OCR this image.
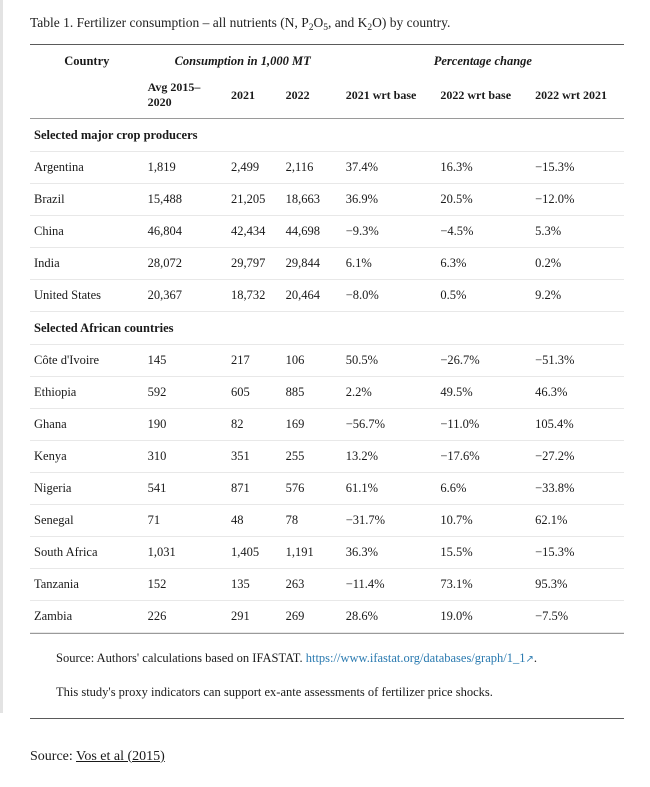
Table 1. Fertilizer consumption – all nutrients (N, $P_2O_5$, and $K_2O$) by country.
Country	Consumption in 1,000 MT			Percentage change		
	Avg 2015–2020	2021	2022	2021 wrt base	2022 wrt base	2022 wrt 2021
Selected major crop producers						
Argentina	1,819	2,499	2,116	37.4%	16.3%	−15.3%
Brazil	15,488	21,205	18,663	36.9%	20.5%	−12.0%
China	46,804	42,434	44,698	−9.3%	−4.5%	5.3%
India	28,072	29,797	29,844	6.1%	6.3%	0.2%
United States	20,367	18,732	20,464	−8.0%	0.5%	9.2%
Selected African countries						
Côte d'Ivoire	145	217	106	50.5%	−26.7%	−51.3%
Ethiopia	592	605	885	2.2%	49.5%	46.3%
Ghana	190	82	169	−56.7%	−11.0%	105.4%
Kenya	310	351	255	13.2%	−17.6%	−27.2%
Nigeria	541	871	576	61.1%	6.6%	−33.8%
Senegal	71	48	78	−31.7%	10.7%	62.1%
South Africa	1,031	1,405	1,191	36.3%	15.5%	−15.3%
Tanzania	152	135	263	−11.4%	73.1%	95.3%
Zambia	226	291	269	28.6%	19.0%	−7.5%
Source: Authors' calculations based on IFASTAT. https://www.ifastat.org/databases/graph/1_1↗.
This study's proxy indicators can support ex-ante assessments of fertilizer price shocks.
Source: Vos et al (2015)
